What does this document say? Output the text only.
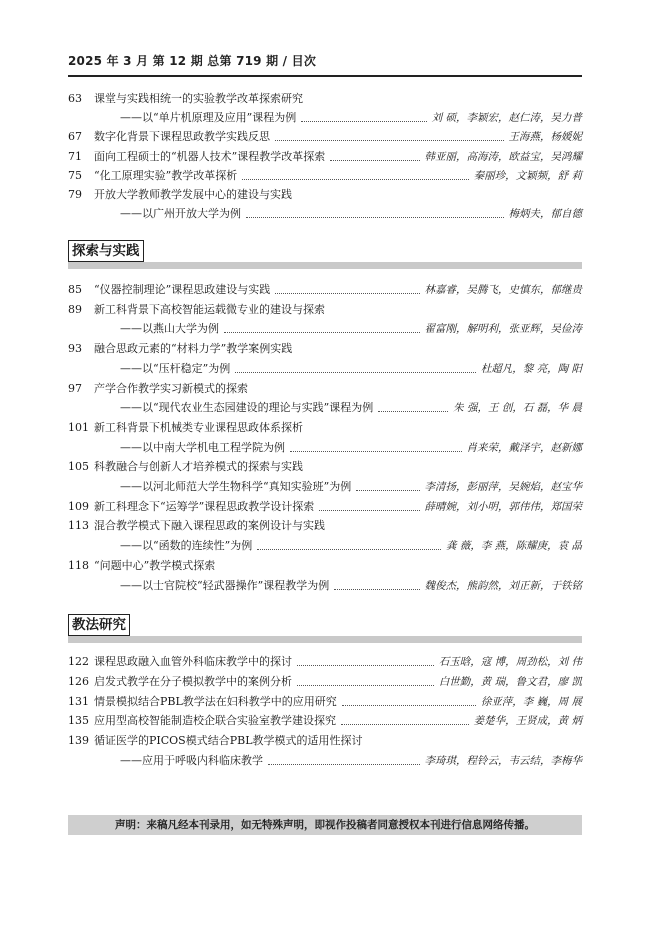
2025 年 3 月 第 12 期 总第 719 期 / 目次
63	课堂与实践相统一的实验教学改革探索研究
——以“单片机原理及应用”课程为例	刘 硕，李颖宏，赵仁涛，吴力普
67	数字化背景下课程思政教学实践反思	王海燕，杨媛妮
71	面向工程硕士的“机器人技术”课程教学改革探索	韩亚丽，高海涛，欧益宝，吴鸿耀
75	“化工原理实验”教学改革探析	秦丽珍，文颖频，舒 莉
79	开放大学教师教学发展中心的建设与实践
——以广州开放大学为例	梅炳夫，郁自德
85	“仪器控制理论”课程思政建设与实践	林嘉睿，吴腾飞，史慎东，郁继贵
89	新工科背景下高校智能运载微专业的建设与探索
——以燕山大学为例	翟富刚，解明利，张亚辉，吴俭涛
93	融合思政元素的“材料力学”教学案例实践
——以“压杆稳定”为例	杜超凡，黎 亮，陶 阳
97	产学合作教学实习新模式的探索
——以“现代农业生态园建设的理论与实践”课程为例	朱 强，王 创，石 磊，华 晨
101 新工科背景下机械类专业课程思政体系探析
——以中南大学机电工程学院为例	肖来荣，戴泽宇，赵新娜
105 科教融合与创新人才培养模式的探索与实践
——以河北师范大学生物科学“真知实验班”为例	李清扬，彭丽萍，吴婉焰，赵宝华
109 新工科理念下“运筹学”课程思政教学设计探索	薛晴婉，刘小明，郭伟伟，郑国荣
113 混合教学模式下融入课程思政的案例设计与实践
——以“函数的连续性”为例	龚 薇，李 燕，陈耀庚，袁 晶
118 “问题中心”教学模式探索
——以士官院校“轻武器操作”课程教学为例	魏俊杰，熊韵然，刘正新，于铁铭
122 课程思政融入血管外科临床教学中的探讨	石玉晗，寇 博，周劲松，刘 伟
126 启发式教学在分子模拟教学中的案例分析	白世勤，黄 瑞，鲁文君，廖 凯
131 情景模拟结合PBL教学法在妇科教学中的应用研究	徐亚萍，李 巍，周 展
135 应用型高校智能制造校企联合实验室教学建设探究	姜楚华，王贤成，黄 炳
139 循证医学的PICOS模式结合PBL教学模式的适用性探讨
——应用于呼吸内科临床教学	李琦琪，程铃云，韦云结，李梅华
探索与实践
教法研究
声明：来稿凡经本刊录用，如无特殊声明，即视作投稿者同意授权本刊进行信息网络传播。
